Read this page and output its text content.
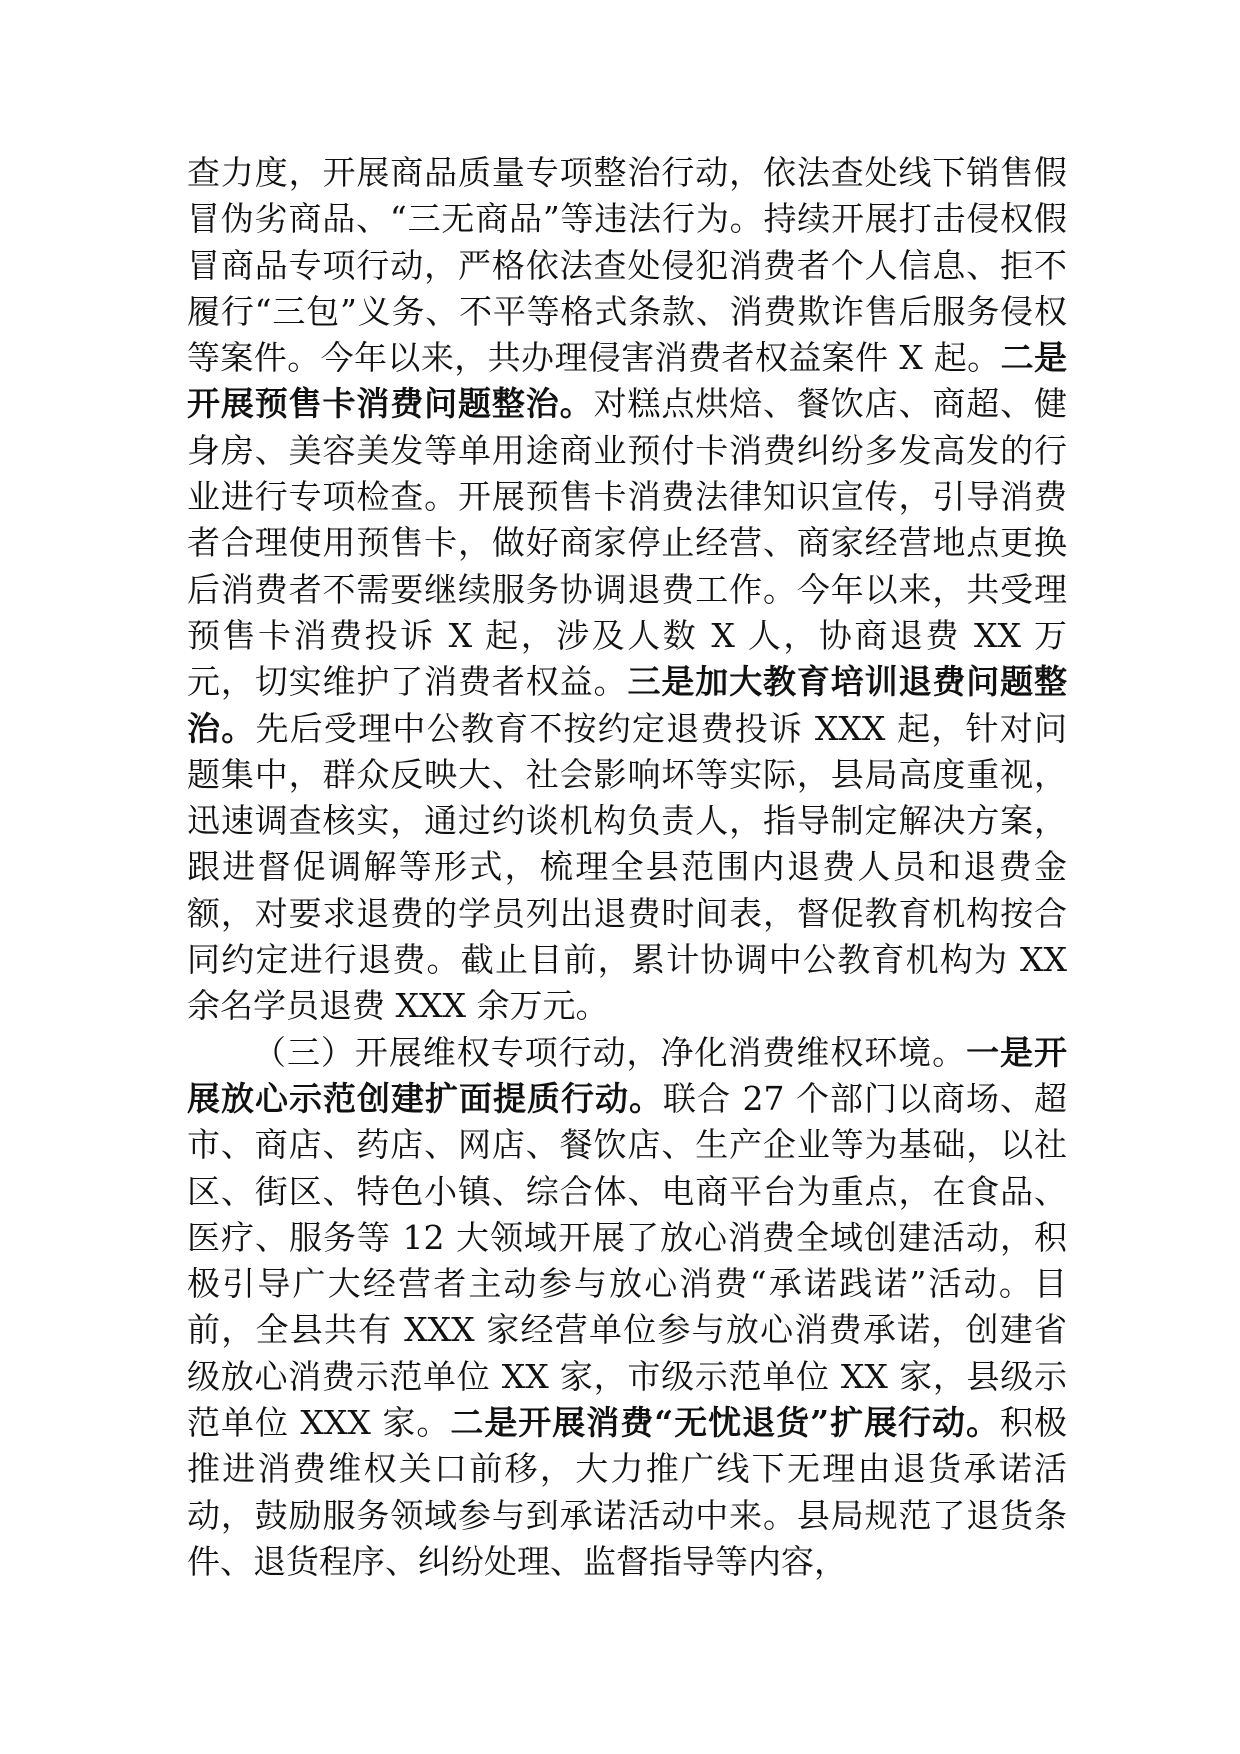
查力度，开展商品质量专项整治行动，依法查处线下销售假冒伪劣商品、“三无商品”等违法行为。持续开展打击侵权假冒商品专项行动，严格依法查处侵犯消费者个人信息、拒不履行“三包”义务、不平等格式条款、消费欺诈售后服务侵权等案件。今年以来，共办理侵害消费者权益案件 X 起。二是开展预售卡消费问题整治。对糕点烘焙、餐饮店、商超、健身房、美容美发等单用途商业预付卡消费纠纷多发高发的行业进行专项检查。开展预售卡消费法律知识宣传，引导消费者合理使用预售卡，做好商家停止经营、商家经营地点更换后消费者不需要继续服务协调退费工作。今年以来，共受理预售卡消费投诉 X 起，涉及人数 X 人，协商退费 XX 万元，切实维护了消费者权益。三是加大教育培训退费问题整治。先后受理中公教育不按约定退费投诉 XXX 起，针对问题集中，群众反映大、社会影响坏等实际，县局高度重视，迅速调查核实，通过约谈机构负责人，指导制定解决方案，跟进督促调解等形式，梳理全县范围内退费人员和退费金额，对要求退费的学员列出退费时间表，督促教育机构按合同约定进行退费。截止目前，累计协调中公教育机构为 XX 余名学员退费 XXX 余万元。

（三）开展维权专项行动，净化消费维权环境。一是开展放心示范创建扩面提质行动。联合 27 个部门以商场、超市、商店、药店、网店、餐饮店、生产企业等为基础，以社区、街区、特色小镇、综合体、电商平台为重点，在食品、医疗、服务等 12 大领域开展了放心消费全域创建活动，积极引导广大经营者主动参与放心消费“承诺践诺”活动。目前，全县共有 XXX 家经营单位参与放心消费承诺，创建省级放心消费示范单位 XX 家，市级示范单位 XX 家，县级示范单位 XXX 家。二是开展消费“无忧退货”扩展行动。积极推进消费维权关口前移，大力推广线下无理由退货承诺活动，鼓励服务领域参与到承诺活动中来。县局规范了退货条件、退货程序、纠纷处理、监督指导等内容，
